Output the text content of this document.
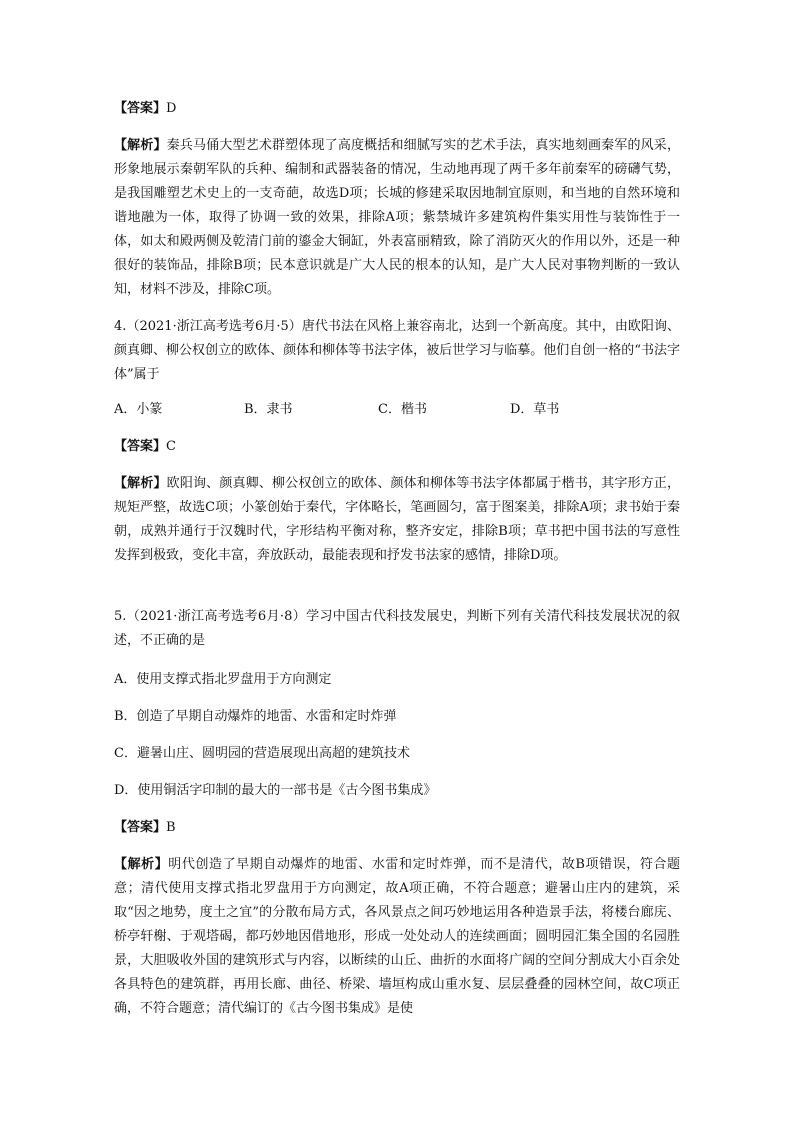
【答案】D

【解析】秦兵马俑大型艺术群塑体现了高度概括和细腻写实的艺术手法，真实地刻画秦军的风采，形象地展示秦朝军队的兵种、编制和武器装备的情况，生动地再现了两千多年前秦军的磅礴气势，是我国雕塑艺术史上的一支奇葩，故选D项；长城的修建采取因地制宜原则，和当地的自然环境和谐地融为一体，取得了协调一致的效果，排除A项；紫禁城许多建筑构件集实用性与装饰性于一体，如太和殿两侧及乾清门前的鎏金大铜缸，外表富丽精致，除了消防灭火的作用以外，还是一种很好的装饰品，排除B项；民本意识就是广大人民的根本的认知，是广大人民对事物判断的一致认知，材料不涉及，排除C项。

4.（2021·浙江高考选考6月·5）唐代书法在风格上兼容南北，达到一个新高度。其中，由欧阳询、颜真卿、柳公权创立的欧体、颜体和柳体等书法字体，被后世学习与临摹。他们自创一格的“书法字体”属于

A．小篆	B．隶书	C．楷书	D．草书

【答案】C

【解析】欧阳询、颜真卿、柳公权创立的欧体、颜体和柳体等书法字体都属于楷书，其字形方正，规矩严整，故选C项；小篆创始于秦代，字体略长，笔画圆匀，富于图案美，排除A项；隶书始于秦朝，成熟并通行于汉魏时代，字形结构平衡对称，整齐安定，排除B项；草书把中国书法的写意性发挥到极致，变化丰富，奔放跃动，最能表现和抒发书法家的感情，排除D项。

5.（2021·浙江高考选考6月·8）学习中国古代科技发展史，判断下列有关清代科技发展状况的叙述，不正确的是

A．使用支撑式指北罗盘用于方向测定
B．创造了早期自动爆炸的地雷、水雷和定时炸弹
C．避暑山庄、圆明园的营造展现出高超的建筑技术
D．使用铜活字印制的最大的一部书是《古今图书集成》

【答案】B

【解析】明代创造了早期自动爆炸的地雷、水雷和定时炸弹，而不是清代，故B项错误，符合题意；清代使用支撑式指北罗盘用于方向测定，故A项正确，不符合题意；避暑山庄内的建筑，采取“因之地势，度土之宜”的分散布局方式，各风景点之间巧妙地运用各种造景手法，将楼台廊庑、桥亭轩榭、于观塔碣，都巧妙地因借地形，形成一处处动人的连续画面；圆明园汇集全国的名园胜景，大胆吸收外国的建筑形式与内容，以断续的山丘、曲折的水面将广阔的空间分割成大小百余处各具特色的建筑群，再用长廊、曲径、桥梁、墙垣构成山重水复、层层叠叠的园林空间，故C项正确，不符合题意；清代编订的《古今图书集成》是使
